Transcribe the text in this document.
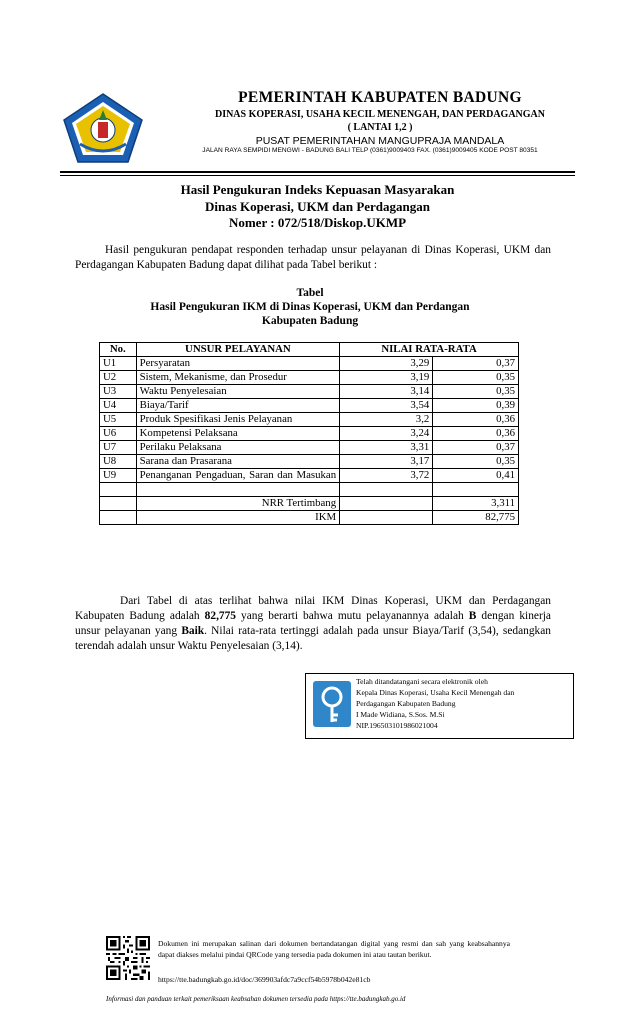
PEMERINTAH KABUPATEN BADUNG
DINAS KOPERASI, USAHA KECIL MENENGAH, DAN PERDAGANGAN
( LANTAI 1,2 )
PUSAT PEMERINTAHAN MANGUPRAJA MANDALA
JALAN RAYA SEMPIDI MENGWI - BADUNG BALI TELP (0361)9009403 FAX. (0361)9009405 KODE POST 80351
Hasil Pengukuran Indeks Kepuasan Masyarakan
Dinas Koperasi, UKM dan Perdagangan
Nomer : 072/518/Diskop.UKMP
Hasil pengukuran pendapat responden terhadap unsur pelayanan di Dinas Koperasi, UKM dan Perdagangan Kabupaten Badung dapat dilihat pada Tabel berikut :
Tabel
Hasil Pengukuran IKM di Dinas Koperasi, UKM dan Perdangan
Kabupaten Badung
No.	UNSUR PELAYANAN	NILAI RATA-RATA	
U1	Persyaratan	3,29	0,37
U2	Sistem, Mekanisme, dan Prosedur	3,19	0,35
U3	Waktu Penyelesaian	3,14	0,35
U4	Biaya/Tarif	3,54	0,39
U5	Produk Spesifikasi Jenis Pelayanan	3,2	0,36
U6	Kompetensi Pelaksana	3,24	0,36
U7	Perilaku Pelaksana	3,31	0,37
U8	Sarana dan Prasarana	3,17	0,35
U9	Penanganan Pengaduan, Saran dan Masukan	3,72	0,41

	NRR Tertimbang		3,311
	IKM		82,775
Dari Tabel di atas terlihat bahwa nilai IKM Dinas Koperasi, UKM dan Perdagangan Kabupaten Badung adalah 82,775 yang berarti bahwa mutu pelayanannya adalah B dengan kinerja unsur pelayanan yang Baik. Nilai rata-rata tertinggi adalah pada unsur Biaya/Tarif (3,54), sedangkan terendah adalah unsur Waktu Penyelesaian (3,14).
Telah ditandatangani secara elektronik oleh
Kepala Dinas Koperasi, Usaha Kecil Menengah dan
Perdagangan Kabupaten Badung
I Made Widiana, S.Sos. M.Si
NIP.196503101986021004
Dokumen ini merupakan salinan dari dokumen bertandatangan digital yang resmi dan sah yang keabsahannya dapat diakses melalui pindai QRCode yang tersedia pada dokumen ini atau tautan berikut.
https://tte.badungkab.go.id/doc/369903afdc7a9ccf54b5978b042e81cb
Informasi dan panduan terkait pemeriksaan keabsahan dokumen tersedia pada https://tte.badungkab.go.id
